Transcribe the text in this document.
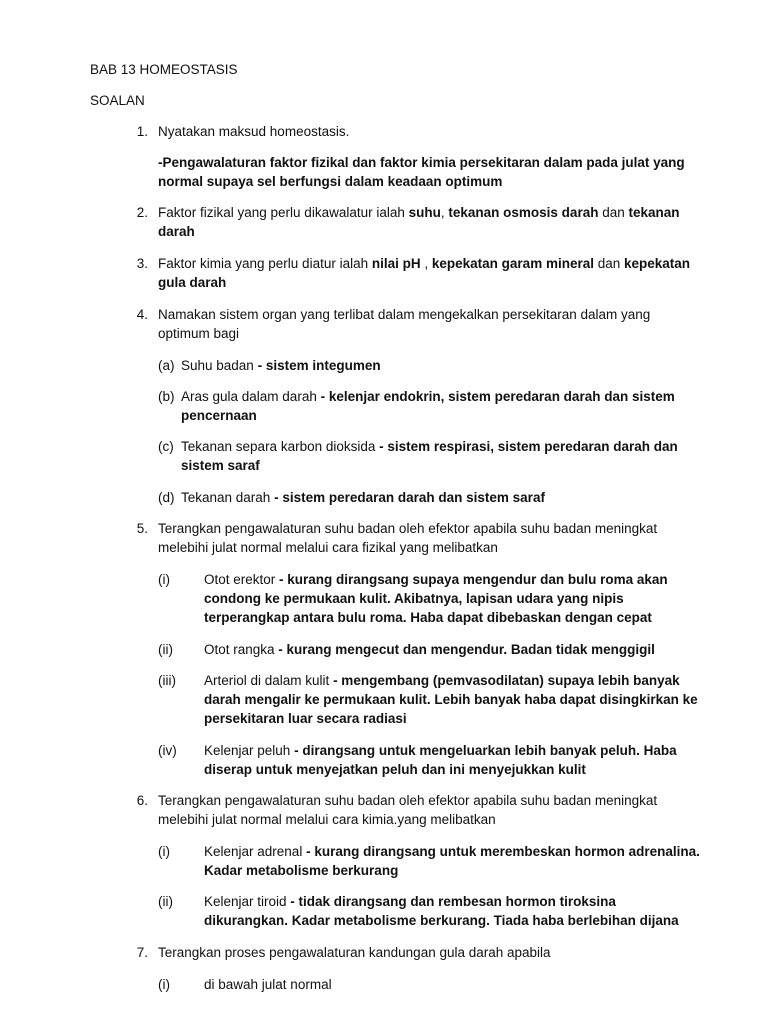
BAB 13 HOMEOSTASIS
SOALAN
1. Nyatakan maksud homeostasis.
-Pengawalaturan faktor fizikal dan faktor kimia persekitaran dalam pada julat yang
normal supaya sel berfungsi dalam keadaan optimum
2. Faktor fizikal yang perlu dikawalatur ialah suhu, tekanan osmosis darah dan tekanan
darah
3. Faktor kimia yang perlu diatur ialah nilai pH , kepekatan garam mineral dan kepekatan
gula darah
4. Namakan sistem organ yang terlibat dalam mengekalkan persekitaran dalam yang
optimum bagi
(a) Suhu badan - sistem integumen
(b) Aras gula dalam darah - kelenjar endokrin, sistem peredaran darah dan sistem
pencernaan
(c) Tekanan separa karbon dioksida - sistem respirasi, sistem peredaran darah dan
sistem saraf
(d) Tekanan darah - sistem peredaran darah dan sistem saraf
5. Terangkan pengawalaturan suhu badan oleh efektor apabila suhu badan meningkat
melebihi julat normal melalui cara fizikal yang melibatkan
(i)	Otot erektor - kurang dirangsang supaya mengendur dan bulu roma akan
condong ke permukaan kulit. Akibatnya, lapisan udara yang nipis
terperangkap antara bulu roma. Haba dapat dibebaskan dengan cepat
(ii) Otot rangka - kurang mengecut dan mengendur. Badan tidak menggigil
(iii) Arteriol di dalam kulit - mengembang (pemvasodilatan) supaya lebih banyak
darah mengalir ke permukaan kulit. Lebih banyak haba dapat disingkirkan ke
persekitaran luar secara radiasi
(iv) Kelenjar peluh - dirangsang untuk mengeluarkan lebih banyak peluh. Haba
diserap untuk menyejatkan peluh dan ini menyejukkan kulit
6. Terangkan pengawalaturan suhu badan oleh efektor apabila suhu badan meningkat
melebihi julat normal melalui cara kimia.yang melibatkan
(i)	Kelenjar adrenal - kurang dirangsang untuk merembeskan hormon adrenalina.
Kadar metabolisme berkurang
(ii) Kelenjar tiroid - tidak dirangsang dan rembesan hormon tiroksina
dikurangkan. Kadar metabolisme berkurang. Tiada haba berlebihan dijana
7. Terangkan proses pengawalaturan kandungan gula darah apabila
(i)	di bawah julat normal
